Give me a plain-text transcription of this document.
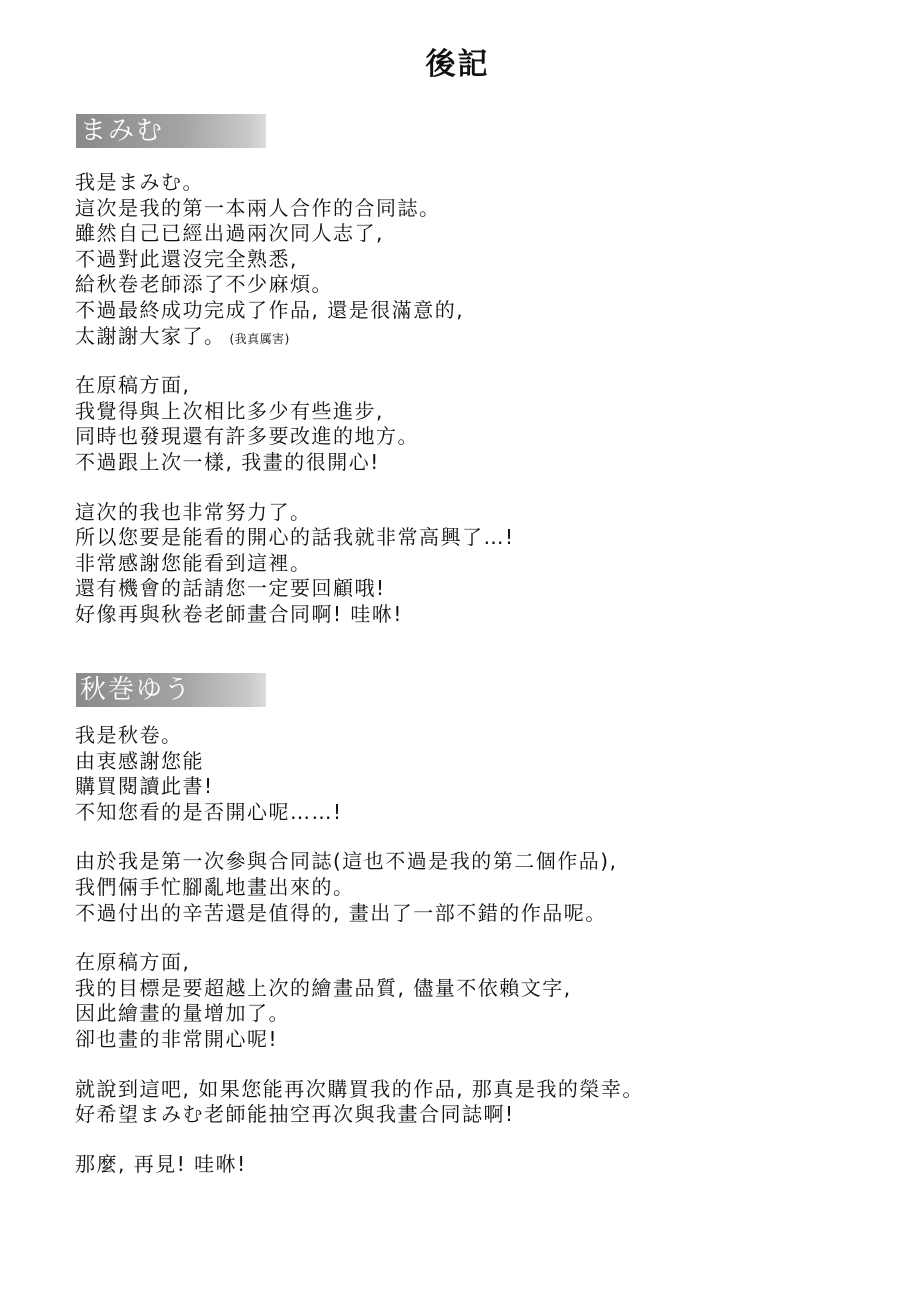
後記
まみむ
我是まみむ。
這次是我的第一本兩人合作的合同誌。
雖然自己已經出過兩次同人志了,
不過對此還沒完全熟悉,
給秋卷老師添了不少麻煩。
不過最終成功完成了作品, 還是很滿意的,
太謝謝大家了。 (我真厲害)
在原稿方面,
我覺得與上次相比多少有些進步,
同時也發現還有許多要改進的地方。
不過跟上次一樣, 我畫的很開心!
這次的我也非常努力了。
所以您要是能看的開心的話我就非常高興了…!
非常感謝您能看到這裡。
還有機會的話請您一定要回顧哦!
好像再與秋卷老師畫合同啊! 哇咻!
秋巻ゆう
我是秋卷。
由衷感謝您能
購買閱讀此書!
不知您看的是否開心呢……!
由於我是第一次參與合同誌(這也不過是我的第二個作品),
我們倆手忙腳亂地畫出來的。
不過付出的辛苦還是值得的, 畫出了一部不錯的作品呢。
在原稿方面,
我的目標是要超越上次的繪畫品質, 儘量不依賴文字,
因此繪畫的量增加了。
卻也畫的非常開心呢!
就說到這吧, 如果您能再次購買我的作品, 那真是我的榮幸。
好希望まみむ老師能抽空再次與我畫合同誌啊!
那麼, 再見! 哇咻!
